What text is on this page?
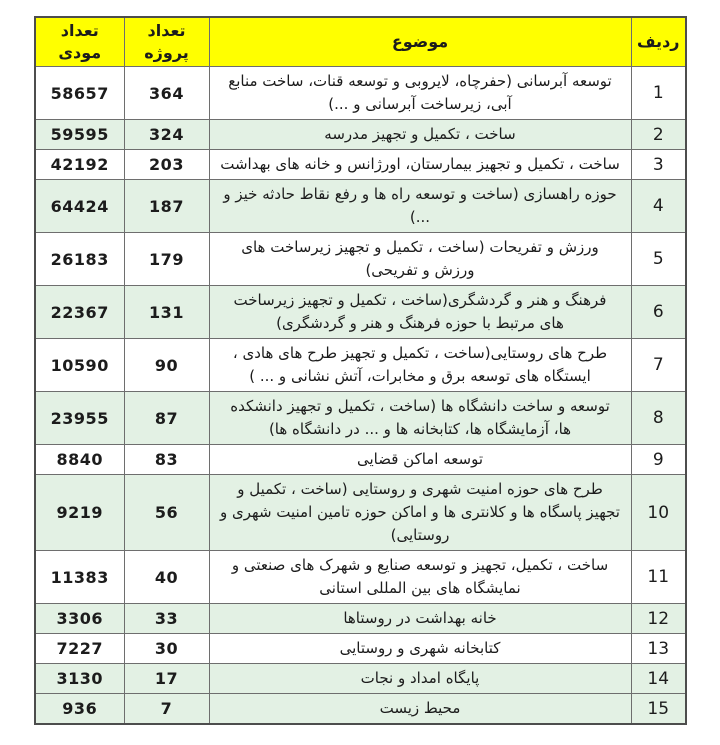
ردیف	موضوع	تعداد پروژه	تعداد مودی
1	توسعه آبرسانی (حفرچاه، لایروبی و توسعه قنات، ساخت منابع آبی، زیرساخت آبرسانی و ...)	364	58657
2	ساخت ، تکمیل و تجهیز مدرسه	324	59595
3	ساخت ، تکمیل و تجهیز بیمارستان، اورژانس و خانه های بهداشت	203	42192
4	حوزه راهسازی (ساخت و توسعه راه ها و رفع نقاط حادثه خیز و ...)	187	64424
5	ورزش و تفریحات (ساخت ، تکمیل و تجهیز زیرساخت های ورزش و تفریحی)	179	26183
6	فرهنگ و هنر و گردشگری(ساخت ، تکمیل و تجهیز زیرساخت های مرتبط با حوزه فرهنگ و هنر و گردشگری)	131	22367
7	طرح های روستایی(ساخت ، تکمیل و تجهیز طرح های هادی ، ایستگاه های توسعه برق و مخابرات، آتش نشانی و ... )	90	10590
8	توسعه و ساخت دانشگاه ها (ساخت ، تکمیل و تجهیز دانشکده ها، آزمایشگاه ها، کتابخانه ها و ... در دانشگاه ها)	87	23955
9	توسعه اماکن قضایی	83	8840
10	طرح های حوزه امنیت شهری و روستایی (ساخت ، تکمیل و تجهیز پاسگاه ها و کلانتری ها و اماکن حوزه تامین امنیت شهری و روستایی)	56	9219
11	ساخت ، تکمیل، تجهیز و توسعه صنایع و شهرک های صنعتی و نمایشگاه های بین المللی استانی	40	11383
12	خانه بهداشت در روستاها	33	3306
13	کتابخانه شهری و روستایی	30	7227
14	پایگاه امداد و نجات	17	3130
15	محیط زیست	7	936
